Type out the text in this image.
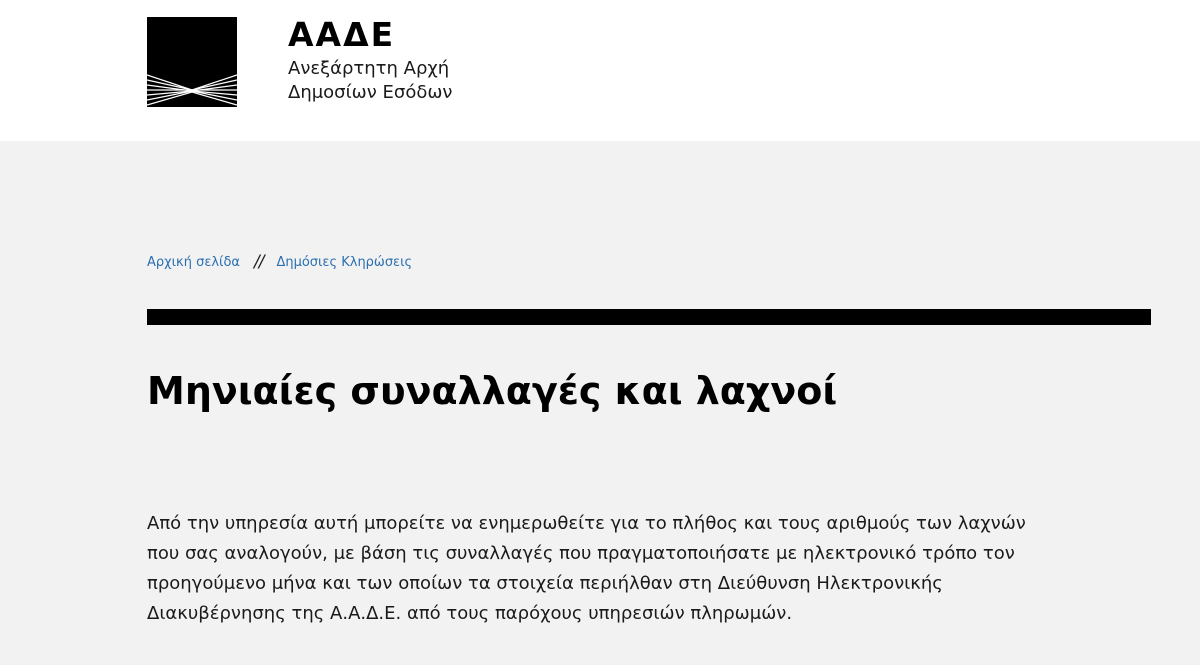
ΑΑΔΕ
Ανεξάρτητη Αρχή
Δημοσίων Εσόδων
Αρχική σελίδα // Δημόσιες Κληρώσεις
Μηνιαίες συναλλαγές και λαχνοί
Από την υπηρεσία αυτή μπορείτε να ενημερωθείτε για το πλήθος και τους αριθμούς των λαχνών
που σας αναλογούν, με βάση τις συναλλαγές που πραγματοποιήσατε με ηλεκτρονικό τρόπο τον
προηγούμενο μήνα και των οποίων τα στοιχεία περιήλθαν στη Διεύθυνση Ηλεκτρονικής
Διακυβέρνησης της Α.Α.Δ.Ε. από τους παρόχους υπηρεσιών πληρωμών.
